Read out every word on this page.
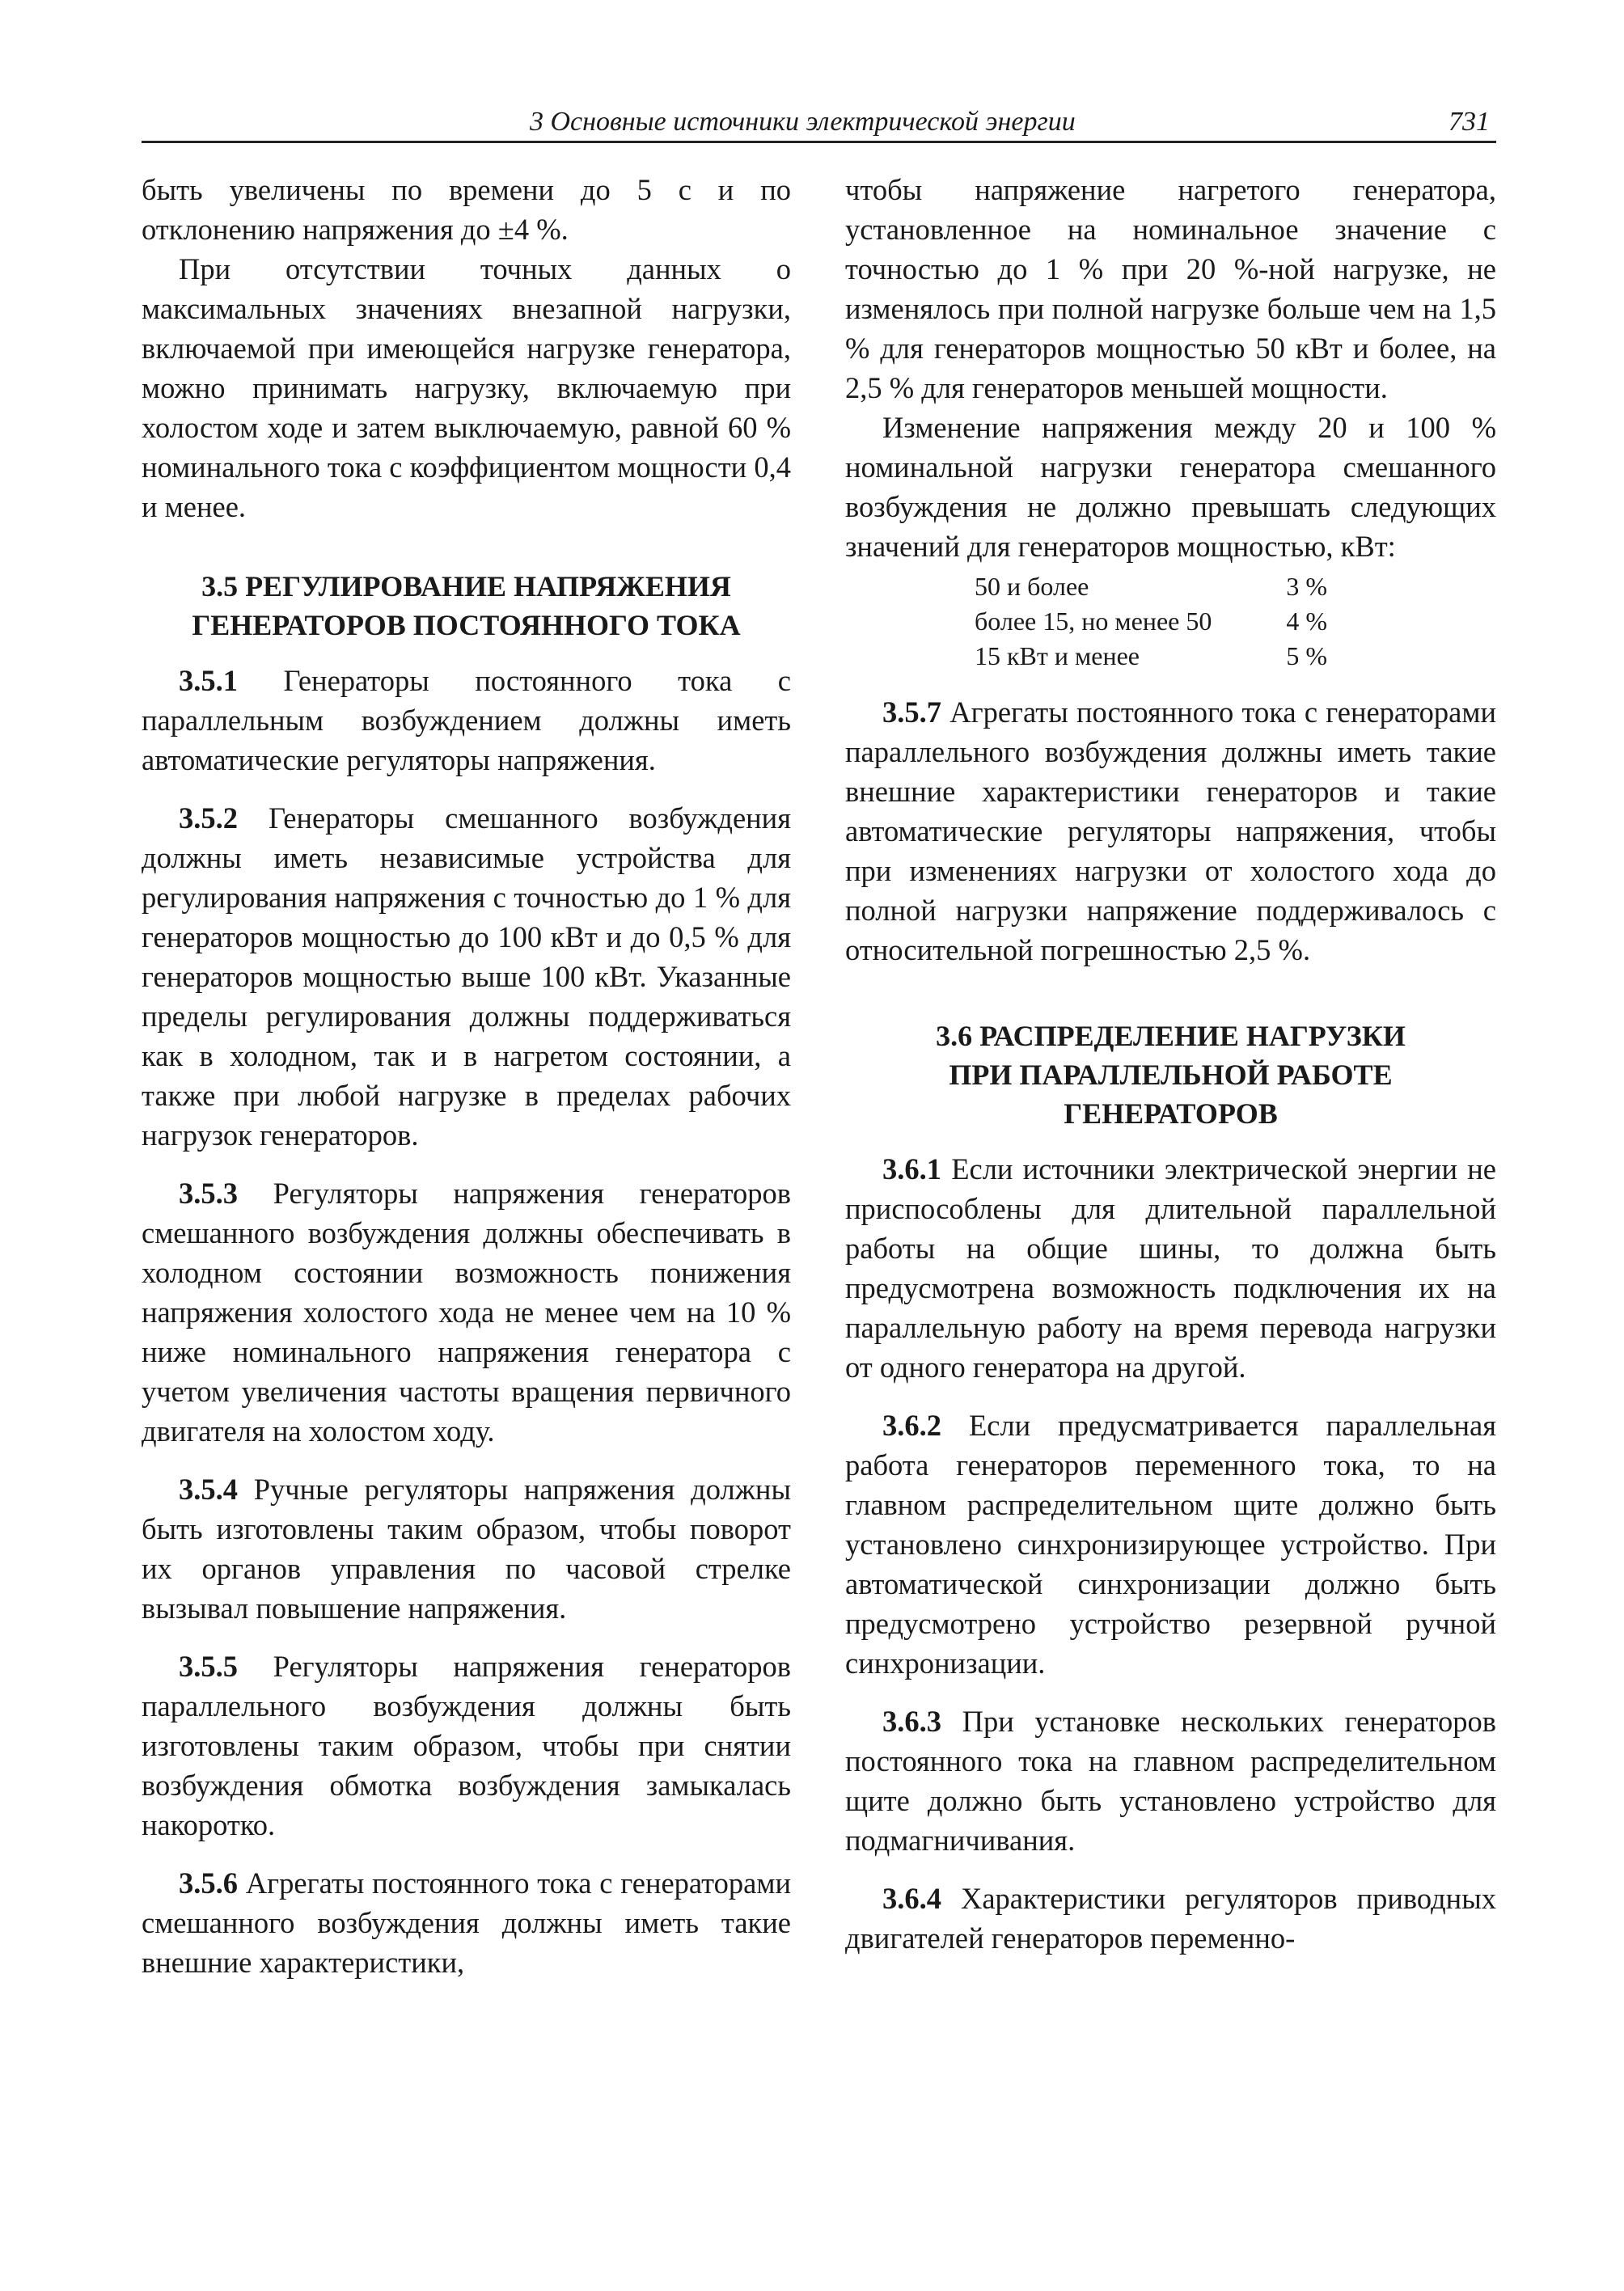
3 Основные источники электрической энергии	731

быть увеличены по времени до 5 с и по отклонению напряжения до ±4 %.

При отсутствии точных данных о максимальных значениях внезапной нагрузки, включаемой при имеющейся нагрузке генератора, можно принимать нагрузку, включаемую при холостом ходе и затем выключаемую, равной 60 % номинального тока с коэффициентом мощности 0,4 и менее.

3.5 РЕГУЛИРОВАНИЕ НАПРЯЖЕНИЯ
ГЕНЕРАТОРОВ ПОСТОЯННОГО ТОКА

3.5.1 Генераторы постоянного тока с параллельным возбуждением должны иметь автоматические регуляторы напряжения.

3.5.2 Генераторы смешанного возбуждения должны иметь независимые устройства для регулирования напряжения с точностью до 1 % для генераторов мощностью до 100 кВт и до 0,5 % для генераторов мощностью выше 100 кВт. Указанные пределы регулирования должны поддерживаться как в холодном, так и в нагретом состоянии, а также при любой нагрузке в пределах рабочих нагрузок генераторов.

3.5.3 Регуляторы напряжения генераторов смешанного возбуждения должны обеспечивать в холодном состоянии возможность понижения напряжения холостого хода не менее чем на 10 % ниже номинального напряжения генератора с учетом увеличения частоты вращения первичного двигателя на холостом ходу.

3.5.4 Ручные регуляторы напряжения должны быть изготовлены таким образом, чтобы поворот их органов управления по часовой стрелке вызывал повышение напряжения.

3.5.5 Регуляторы напряжения генераторов параллельного возбуждения должны быть изготовлены таким образом, чтобы при снятии возбуждения обмотка возбуждения замыкалась накоротко.

3.5.6 Агрегаты постоянного тока с генераторами смешанного возбуждения должны иметь такие внешние характеристики,

чтобы напряжение нагретого генератора, установленное на номинальное значение с точностью до 1 % при 20 %-ной нагрузке, не изменялось при полной нагрузке больше чем на 1,5 % для генераторов мощностью 50 кВт и более, на 2,5 % для генераторов меньшей мощности.

Изменение напряжения между 20 и 100 % номинальной нагрузки генератора смешанного возбуждения не должно превышать следующих значений для генераторов мощностью, кВт:

50 и более	3 %
более 15, но менее 50	4 %
15 кВт и менее	5 %

3.5.7 Агрегаты постоянного тока с генераторами параллельного возбуждения должны иметь такие внешние характеристики генераторов и такие автоматические регуляторы напряжения, чтобы при изменениях нагрузки от холостого хода до полной нагрузки напряжение поддерживалось с относительной погрешностью 2,5 %.

3.6 РАСПРЕДЕЛЕНИЕ НАГРУЗКИ
ПРИ ПАРАЛЛЕЛЬНОЙ РАБОТЕ
ГЕНЕРАТОРОВ

3.6.1 Если источники электрической энергии не приспособлены для длительной параллельной работы на общие шины, то должна быть предусмотрена возможность подключения их на параллельную работу на время перевода нагрузки от одного генератора на другой.

3.6.2 Если предусматривается параллельная работа генераторов переменного тока, то на главном распределительном щите должно быть установлено синхронизирующее устройство. При автоматической синхронизации должно быть предусмотрено устройство резервной ручной синхронизации.

3.6.3 При установке нескольких генераторов постоянного тока на главном распределительном щите должно быть установлено устройство для подмагничивания.

3.6.4 Характеристики регуляторов приводных двигателей генераторов переменно-
